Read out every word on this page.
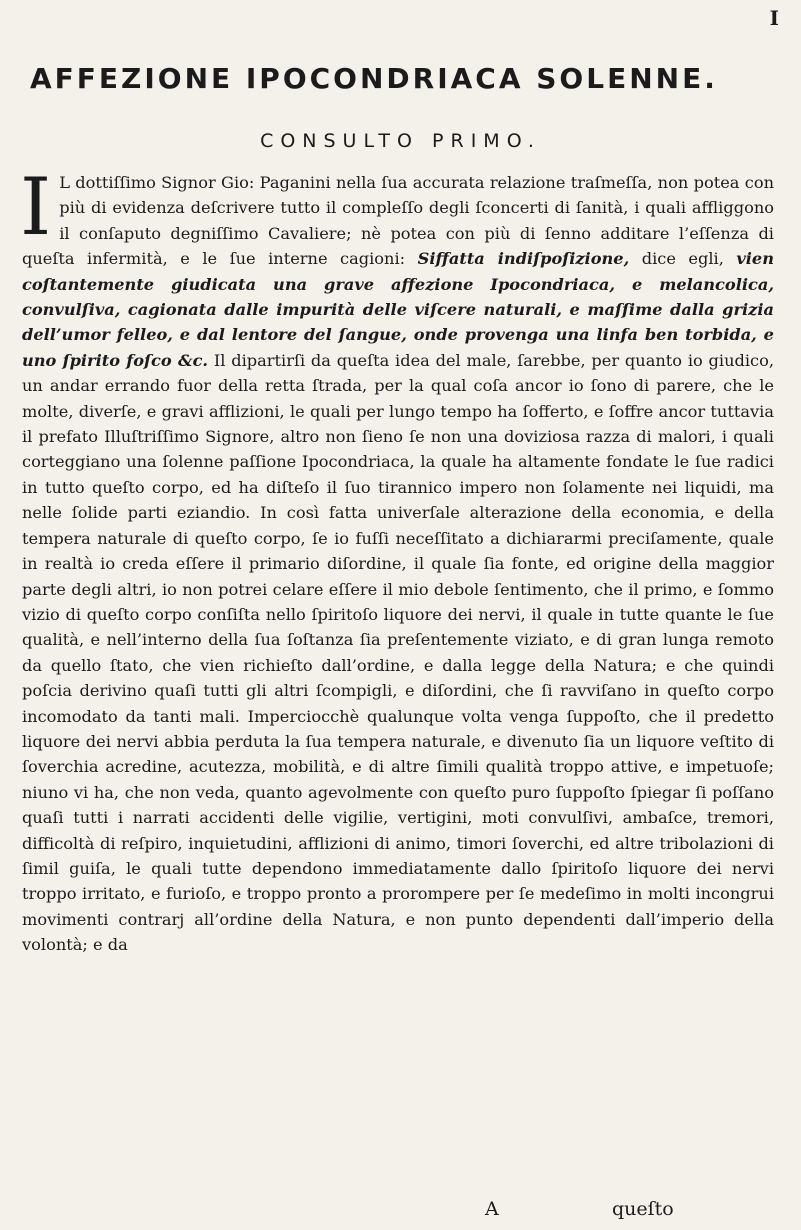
I
AFFEZIONE IPOCONDRIACA SOLENNE.
CONSULTO PRIMO.

I L dottiſſimo Signor Gio: Paganini nella ſua accurata relazione traſmeſſa, non potea con più di evidenza deſcrivere tutto il compleſſo degli ſconcerti di ſanità, i quali affliggono il conſaputo degniſſimo Cavaliere; nè potea con più di ſenno additare l’eſſenza di queſta infermità, e le ſue interne cagioni: Siffatta indiſpoſizione, dice egli, vien coſtantemente giudicata una grave affezione Ipocondriaca, e melancolica, convulſiva, cagionata dalle impurità delle viſcere naturali, e maſſime dalla grizia dell’umor felleo, e dal lentore del ſangue, onde provenga una linfa ben torbida, e uno ſpirito foſco &c. Il dipartirſi da queſta idea del male, ſarebbe, per quanto io giudico, un andar errando fuor della retta ſtrada, per la qual coſa ancor io ſono di parere, che le molte, diverſe, e gravi afflizioni, le quali per lungo tempo ha ſofferto, e ſoffre ancor tuttavia il prefato Illuſtriſſimo Signore, altro non ſieno ſe non una doviziosa razza di malori, i quali corteggiano una ſolenne paſſione Ipocondriaca, la quale ha altamente fondate le ſue radici in tutto queſto corpo, ed ha diſteſo il ſuo tirannico impero non ſolamente nei liquidi, ma nelle ſolide parti eziandio. In così fatta univerſale alterazione della economia, e della tempera naturale di queſto corpo, ſe io fuſſi neceſſitato a dichiararmi preciſamente, quale in realtà io creda eſſere il primario diſordine, il quale ſia fonte, ed origine della maggior parte degli altri, io non potrei celare eſſere il mio debole ſentimento, che il primo, e ſommo vizio di queſto corpo conſiſta nello ſpiritoſo liquore dei nervi, il quale in tutte quante le ſue qualità, e nell’interno della ſua ſoſtanza ſia preſentemente viziato, e di gran lunga remoto da quello ſtato, che vien richieſto dall’ordine, e dalla legge della Natura; e che quindi poſcia derivino quaſi tutti gli altri ſcompigli, e diſordini, che ſi ravviſano in queſto corpo incomodato da tanti mali. Imperciocchè qualunque volta venga ſuppoſto, che il predetto liquore dei nervi abbia perduta la ſua tempera naturale, e divenuto ſia un liquore veſtito di ſoverchia acredine, acutezza, mobilità, e di altre ſimili qualità troppo attive, e impetuoſe; niuno vi ha, che non veda, quanto agevolmente con queſto puro ſuppoſto ſpiegar ſi poſſano quaſi tutti i narrati accidenti delle vigilie, vertigini, moti convulſivi, ambaſce, tremori, difficoltà di reſpiro, inquietudini, afflizioni di animo, timori ſoverchi, ed altre tribolazioni di ſimil guiſa, le quali tutte dependono immediatamente dallo ſpiritoſo liquore dei nervi troppo irritato, e furioſo, e troppo pronto a prorompere per ſe medeſimo in molti incongrui movimenti contrarj all’ordine della Natura, e non punto dependenti dall’imperio della volontà; e da

A	queſto
